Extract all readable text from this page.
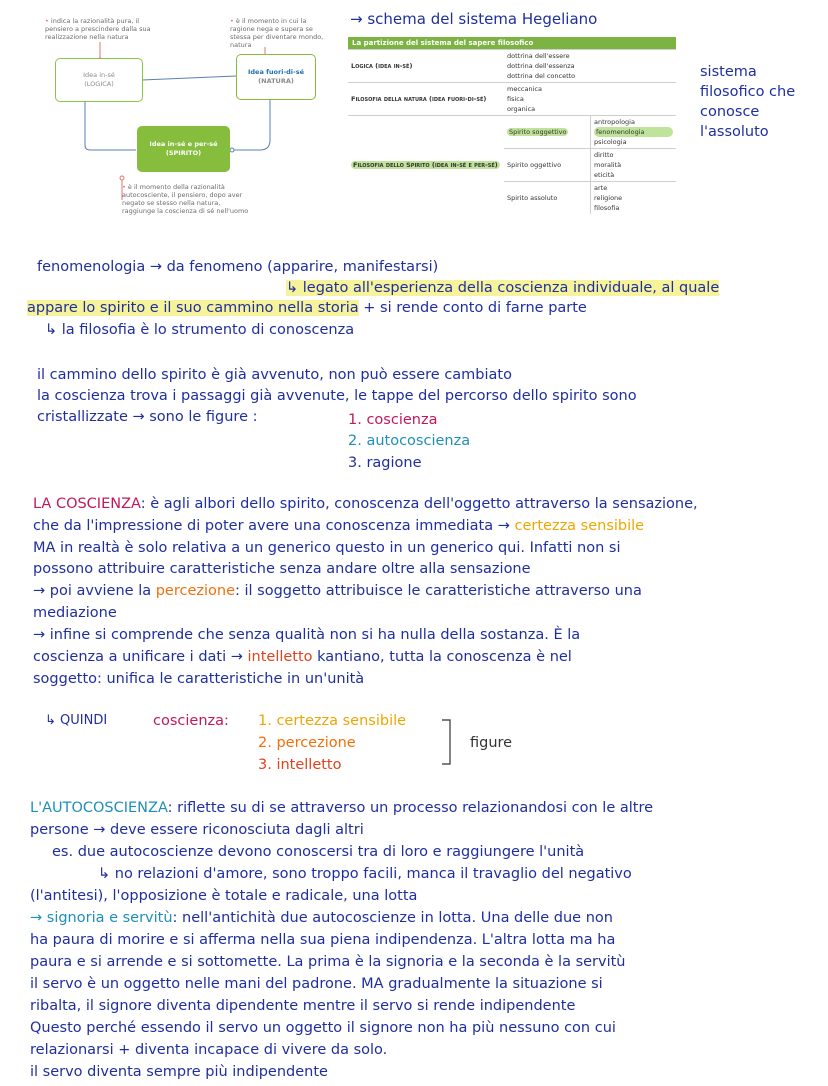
• indica la razionalità pura, il pensiero a prescindere dalla sua realizzazione nella natura
• è il momento in cui la ragione nega e supera se stessa per diventare mondo, natura
Idea in-sé
(LOGICA)
Idea fuori-di-sé
(NATURA)
Idea in-sé e per-sé
(SPIRITO)
• è il momento della razionalità autocosciente, il pensiero, dopo aver negato se stesso nella natura, raggiunge la coscienza di sé nell'uomo
→ schema del sistema Hegeliano
sistema
filosofico che
conosce
l'assoluto
La partizione del sistema del sapere filosofico
Logica (idea in-sé)	dottrina dell'essere
dottrina dell'essenza
dottrina del concetto	

Filosofia della natura (idea fuori-di-sé)	meccanica
fisica
organica	

Filosofia dello Spirito (idea in-sé e per-sé)	Spirito soggettivo	antropologia
fenomenologia
psicologia

	Spirito oggettivo	diritto
moralità
eticità

	Spirito assoluto	arte
religione
filosofia
fenomenologia → da fenomeno (apparire, manifestarsi)
↳ legato all'esperienza della coscienza individuale, al quale
appare lo spirito e il suo cammino nella storia + si rende conto di farne parte
↳ la filosofia è lo strumento di conoscenza
il cammino dello spirito è già avvenuto, non può essere cambiato
la coscienza trova i passaggi già avvenute, le tappe del percorso dello spirito sono
cristallizzate → sono le figure :	1. coscienza
2. autocoscienza
3. ragione
LA COSCIENZA: è agli albori dello spirito, conoscenza dell'oggetto attraverso la sensazione,
che da l'impressione di poter avere una conoscenza immediata → certezza sensibile
MA in realtà è solo relativa a un generico questo in un generico qui. Infatti non si
possono attribuire caratteristiche senza andare oltre alla sensazione
→ poi avviene la percezione: il soggetto attribuisce le caratteristiche attraverso una
mediazione
→ infine si comprende che senza qualità non si ha nulla della sostanza. È la
coscienza a unificare i dati → intelletto kantiano, tutta la conoscenza è nel
soggetto: unifica le caratteristiche in un'unità
↳ QUINDI	coscienza: 1. certezza sensibile
2. percezione
3. intelletto
figure
L'AUTOCOSCIENZA: riflette su di se attraverso un processo relazionandosi con le altre
persone → deve essere riconosciuta dagli altri
es. due autocoscienze devono conoscersi tra di loro e raggiungere l'unità
↳ no relazioni d'amore, sono troppo facili, manca il travaglio del negativo
(l'antitesi), l'opposizione è totale e radicale, una lotta
→ signoria e servitù: nell'antichità due autocoscienze in lotta. Una delle due non
ha paura di morire e si afferma nella sua piena indipendenza. L'altra lotta ma ha
paura e si arrende e si sottomette. La prima è la signoria e la seconda è la servitù
il servo è un oggetto nelle mani del padrone. MA gradualmente la situazione si
ribalta, il signore diventa dipendente mentre il servo si rende indipendente
Questo perché essendo il servo un oggetto il signore non ha più nessuno con cui
relazionarsi + diventa incapace di vivere da solo.
il servo diventa sempre più indipendente
